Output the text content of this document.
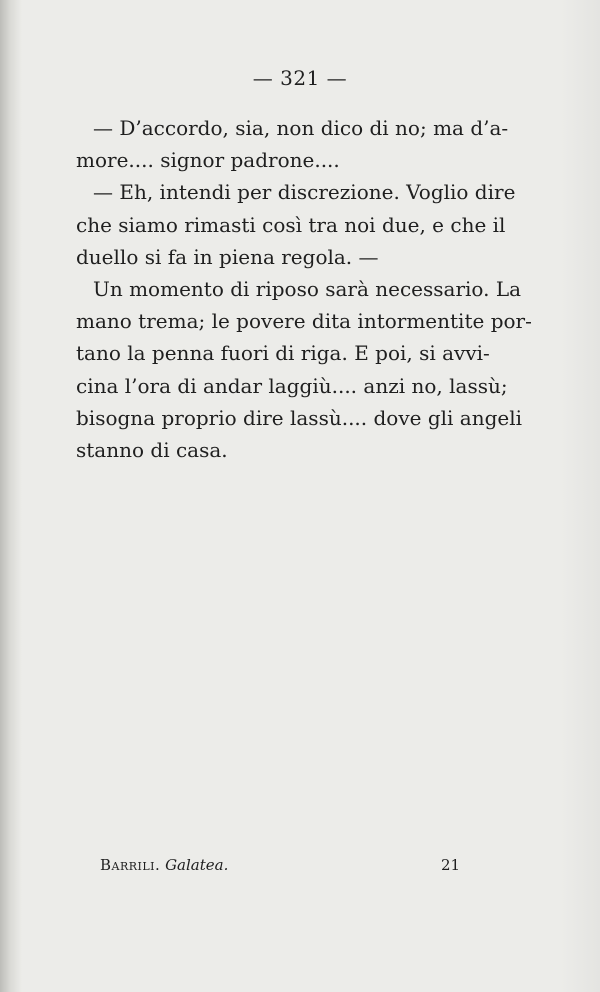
— 321 —

— D’accordo, sia, non dico di no; ma d’a-
more.... signor padrone....

— Eh, intendi per discrezione. Voglio dire
che siamo rimasti così tra noi due, e che il
duello si fa in piena regola. —

Un momento di riposo sarà necessario. La
mano trema; le povere dita intormentite por-
tano la penna fuori di riga. E poi, si avvi-
cina l’ora di andar laggiù.... anzi no, lassù;
bisogna proprio dire lassù.... dove gli angeli
stanno di casa.

Barrili. Galatea.	21
